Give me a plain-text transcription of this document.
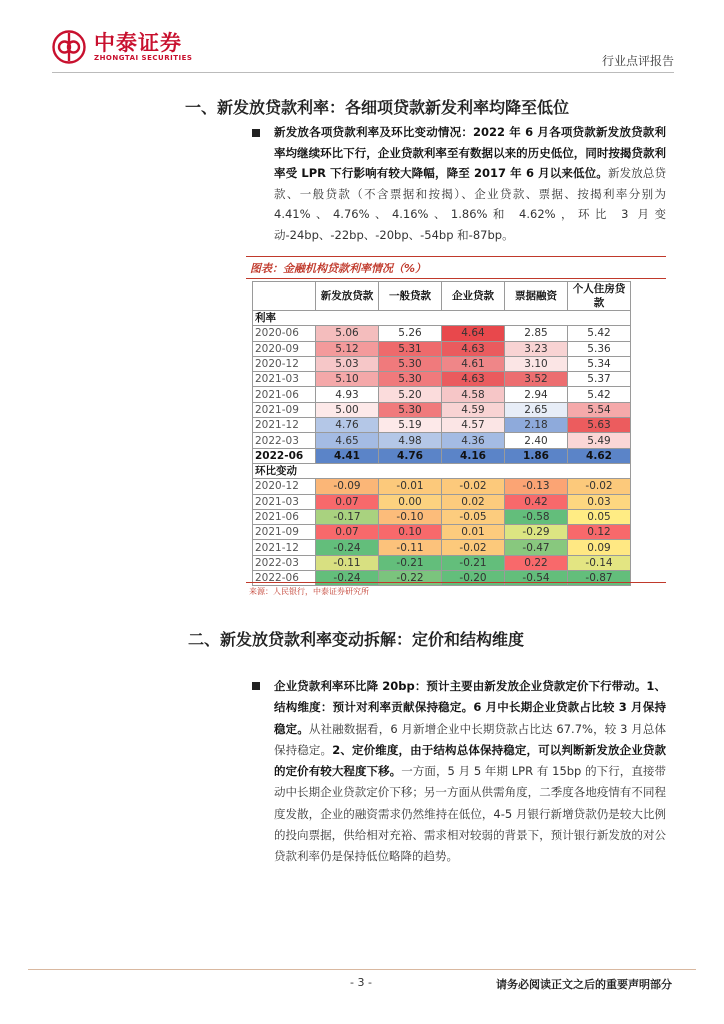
中泰证券
ZHONGTAI SECURITIES	行业点评报告
一、新发放贷款利率：各细项贷款新发利率均降至低位
新发放各项贷款利率及环比变动情况：2022 年 6 月各项贷款新发放贷款利率均继续环比下行，企业贷款利率至有数据以来的历史低位，同时按揭贷款利率受 LPR 下行影响有较大降幅，降至 2017 年 6 月以来低位。新发放总贷款、一般贷款（不含票据和按揭）、企业贷款、票据、按揭利率分别为 4.41%、4.76%、4.16%、1.86%和 4.62%，环比 3 月变动-24bp、-22bp、-20bp、-54bp 和-87bp。
图表：金融机构贷款利率情况（%）
	新发放贷款	一般贷款	企业贷款	票据融资	个人住房贷款
利率					
2020-06	5.06	5.26	4.64	2.85	5.42
2020-09	5.12	5.31	4.63	3.23	5.36
2020-12	5.03	5.30	4.61	3.10	5.34
2021-03	5.10	5.30	4.63	3.52	5.37
2021-06	4.93	5.20	4.58	2.94	5.42
2021-09	5.00	5.30	4.59	2.65	5.54
2021-12	4.76	5.19	4.57	2.18	5.63
2022-03	4.65	4.98	4.36	2.40	5.49
2022-06	4.41	4.76	4.16	1.86	4.62
环比变动					
2020-12	-0.09	-0.01	-0.02	-0.13	-0.02
2021-03	0.07	0.00	0.02	0.42	0.03
2021-06	-0.17	-0.10	-0.05	-0.58	0.05
2021-09	0.07	0.10	0.01	-0.29	0.12
2021-12	-0.24	-0.11	-0.02	-0.47	0.09
2022-03	-0.11	-0.21	-0.21	0.22	-0.14
2022-06	-0.24	-0.22	-0.20	-0.54	-0.87
来源：人民银行，中泰证券研究所
二、新发放贷款利率变动拆解：定价和结构维度
企业贷款利率环比降 20bp：预计主要由新发放企业贷款定价下行带动。1、结构维度：预计对利率贡献保持稳定。6 月中长期企业贷款占比较 3 月保持稳定。从社融数据看，6 月新增企业中长期贷款占比达 67.7%，较 3 月总体保持稳定。2、定价维度，由于结构总体保持稳定，可以判断新发放企业贷款的定价有较大程度下移。一方面，5 月 5 年期 LPR 有 15bp 的下行，直接带动中长期企业贷款定价下移；另一方面从供需角度，二季度各地疫情有不同程度发散，企业的融资需求仍然维持在低位，4-5 月银行新增贷款仍是较大比例的投向票据，供给相对充裕、需求相对较弱的背景下，预计银行新发放的对公贷款利率仍是保持低位略降的趋势。
- 3 -	请务必阅读正文之后的重要声明部分
